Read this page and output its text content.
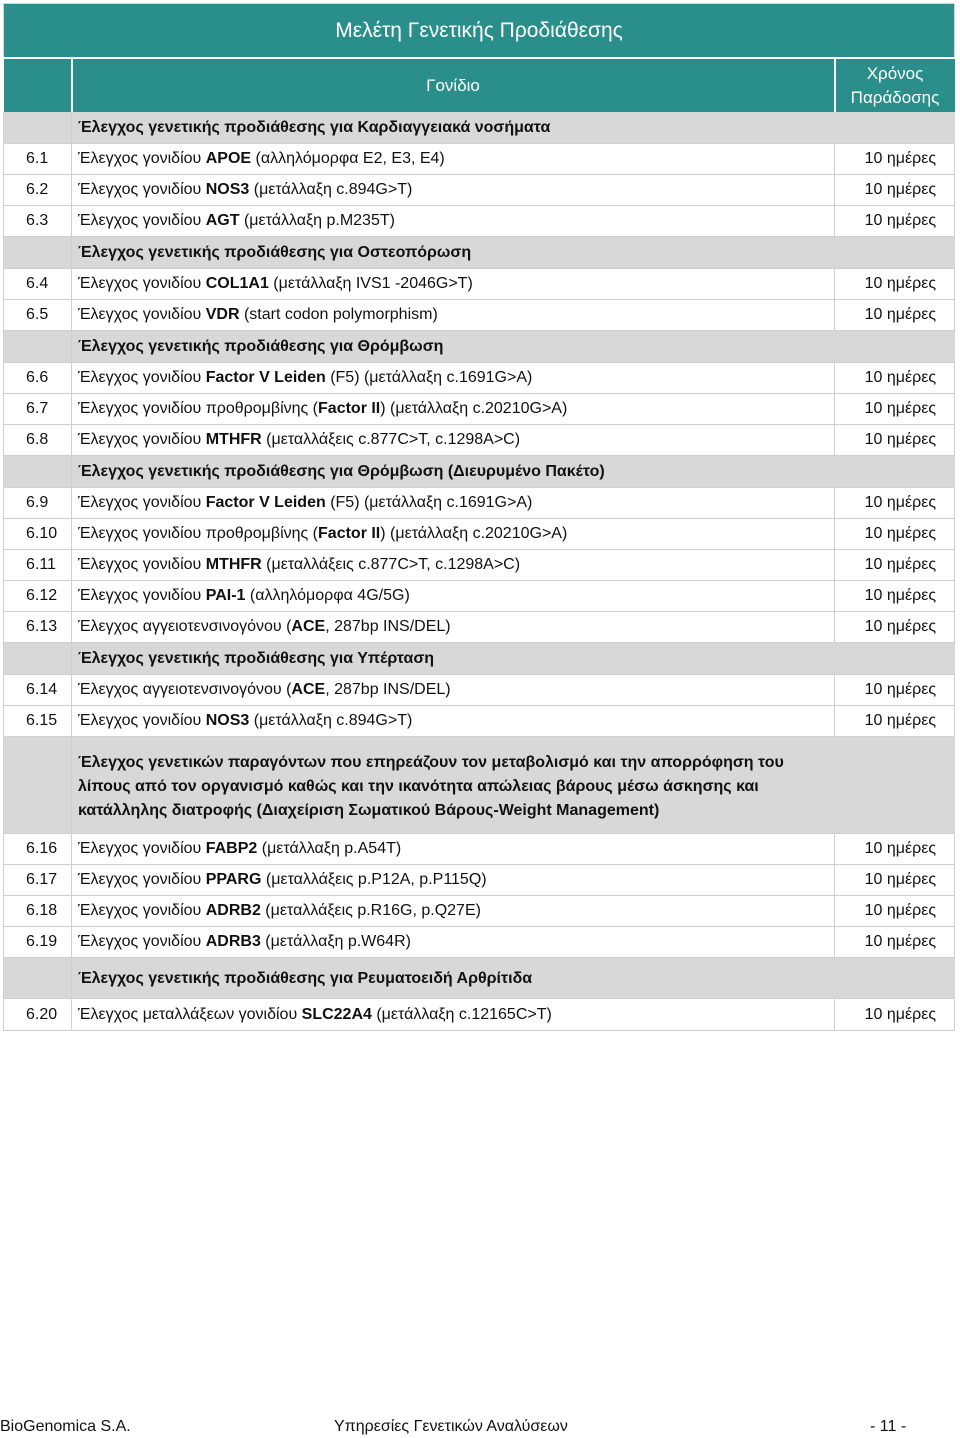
Μελέτη Γενετικής Προδιάθεσης		
	Γονίδιο	Χρόνος
Παράδοσης
	Έλεγχος γενετικής προδιάθεσης για Καρδιαγγειακά νοσήματα	
6.1	Έλεγχος γονιδίου APOE (αλληλόμορφα Ε2, Ε3, Ε4)	10 ημέρες
6.2	Έλεγχος γονιδίου NOS3 (μετάλλαξη c.894G>T)	10 ημέρες
6.3	Έλεγχος γονιδίου AGT (μετάλλαξη p.M235T)	10 ημέρες
	Έλεγχος γενετικής προδιάθεσης για Οστεοπόρωση	
6.4	Έλεγχος γονιδίου COL1A1 (μετάλλαξη IVS1 -2046G>T)	10 ημέρες
6.5	Έλεγχος γονιδίου VDR (start codon polymorphism)	10 ημέρες
	Έλεγχος γενετικής προδιάθεσης για Θρόμβωση	
6.6	Έλεγχος γονιδίου Factor V Leiden (F5) (μετάλλαξη c.1691G>A)	10 ημέρες
6.7	Έλεγχος γονιδίου προθρομβίνης (Factor II) (μετάλλαξη c.20210G>A)	10 ημέρες
6.8	Έλεγχος γονιδίου MTHFR (μεταλλάξεις c.877C>T, c.1298A>C)	10 ημέρες
	Έλεγχος γενετικής προδιάθεσης για Θρόμβωση (Διευρυμένο Πακέτο)	
6.9	Έλεγχος γονιδίου Factor V Leiden (F5) (μετάλλαξη c.1691G>A)	10 ημέρες
6.10	Έλεγχος γονιδίου προθρομβίνης (Factor II) (μετάλλαξη c.20210G>A)	10 ημέρες
6.11	Έλεγχος γονιδίου MTHFR (μεταλλάξεις c.877C>T, c.1298A>C)	10 ημέρες
6.12	Έλεγχος γονιδίου PAI-1 (αλληλόμορφα 4G/5G)	10 ημέρες
6.13	Έλεγχος αγγειοτενσινογόνου (ACE, 287bp INS/DEL)	10 ημέρες
	Έλεγχος γενετικής προδιάθεσης για Υπέρταση	
6.14	Έλεγχος αγγειοτενσινογόνου (ACE, 287bp INS/DEL)	10 ημέρες
6.15	Έλεγχος γονιδίου NOS3 (μετάλλαξη c.894G>T)	10 ημέρες
	Έλεγχος γενετικών παραγόντων που επηρεάζουν τον μεταβολισμό και την απορρόφηση του λίπους από τον οργανισμό καθώς και την ικανότητα απώλειας βάρους μέσω άσκησης και κατάλληλης διατροφής (Διαχείριση Σωματικού Βάρους-Weight Management)	
6.16	Έλεγχος γονιδίου FABP2 (μετάλλαξη p.A54T)	10 ημέρες
6.17	Έλεγχος γονιδίου PPARG (μεταλλάξεις p.P12A, p.P115Q)	10 ημέρες
6.18	Έλεγχος γονιδίου ADRB2 (μεταλλάξεις p.R16G, p.Q27E)	10 ημέρες
6.19	Έλεγχος γονιδίου ADRB3 (μετάλλαξη p.W64R)	10 ημέρες
	Έλεγχος γενετικής προδιάθεσης για Ρευματοειδή Αρθρίτιδα	
6.20	Έλεγχος μεταλλάξεων γονιδίου SLC22A4 (μετάλλαξη c.12165C>T)	10 ημέρες
BioGenomica S.A.	Υπηρεσίες Γενετικών Αναλύσεων	- 11 -
